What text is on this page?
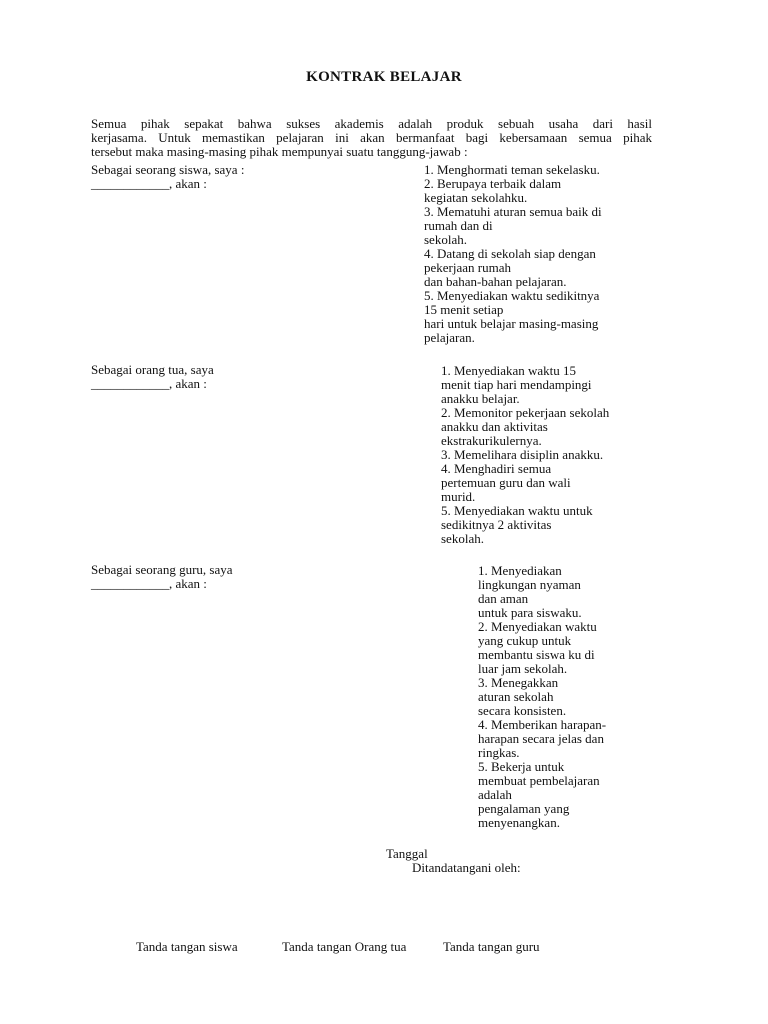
KONTRAK BELAJAR
Semua pihak sepakat bahwa sukses akademis adalah produk sebuah usaha dari hasil
kerjasama. Untuk memastikan pelajaran ini akan bermanfaat bagi kebersamaan semua pihak
tersebut maka masing-masing pihak mempunyai suatu tanggung-jawab :
Sebagai seorang siswa, saya :
____________, akan :
1. Menghormati teman sekelasku.
2. Berupaya terbaik dalam
kegiatan sekolahku.
3. Mematuhi aturan semua baik di
rumah dan di
sekolah.
4. Datang di sekolah siap dengan
pekerjaan rumah
dan bahan-bahan pelajaran.
5. Menyediakan waktu sedikitnya
15 menit setiap
hari untuk belajar masing-masing
pelajaran.
Sebagai orang tua, saya
____________, akan :
1. Menyediakan waktu 15
menit tiap hari mendampingi
anakku belajar.
2. Memonitor pekerjaan sekolah
anakku dan aktivitas
ekstrakurikulernya.
3. Memelihara disiplin anakku.
4. Menghadiri semua
pertemuan guru dan wali
murid.
5. Menyediakan waktu untuk
sedikitnya 2 aktivitas
sekolah.
Sebagai seorang guru, saya
____________, akan :
1. Menyediakan
lingkungan nyaman
dan aman
untuk para siswaku.
2. Menyediakan waktu
yang cukup untuk
membantu siswa ku di
luar jam sekolah.
3. Menegakkan
aturan sekolah
secara konsisten.
4. Memberikan harapan-
harapan secara jelas dan
ringkas.
5. Bekerja untuk
membuat pembelajaran
adalah
pengalaman yang
menyenangkan.
Tanggal
Ditandatangani oleh:
Tanda tangan siswa	Tanda tangan Orang tua	Tanda tangan guru
